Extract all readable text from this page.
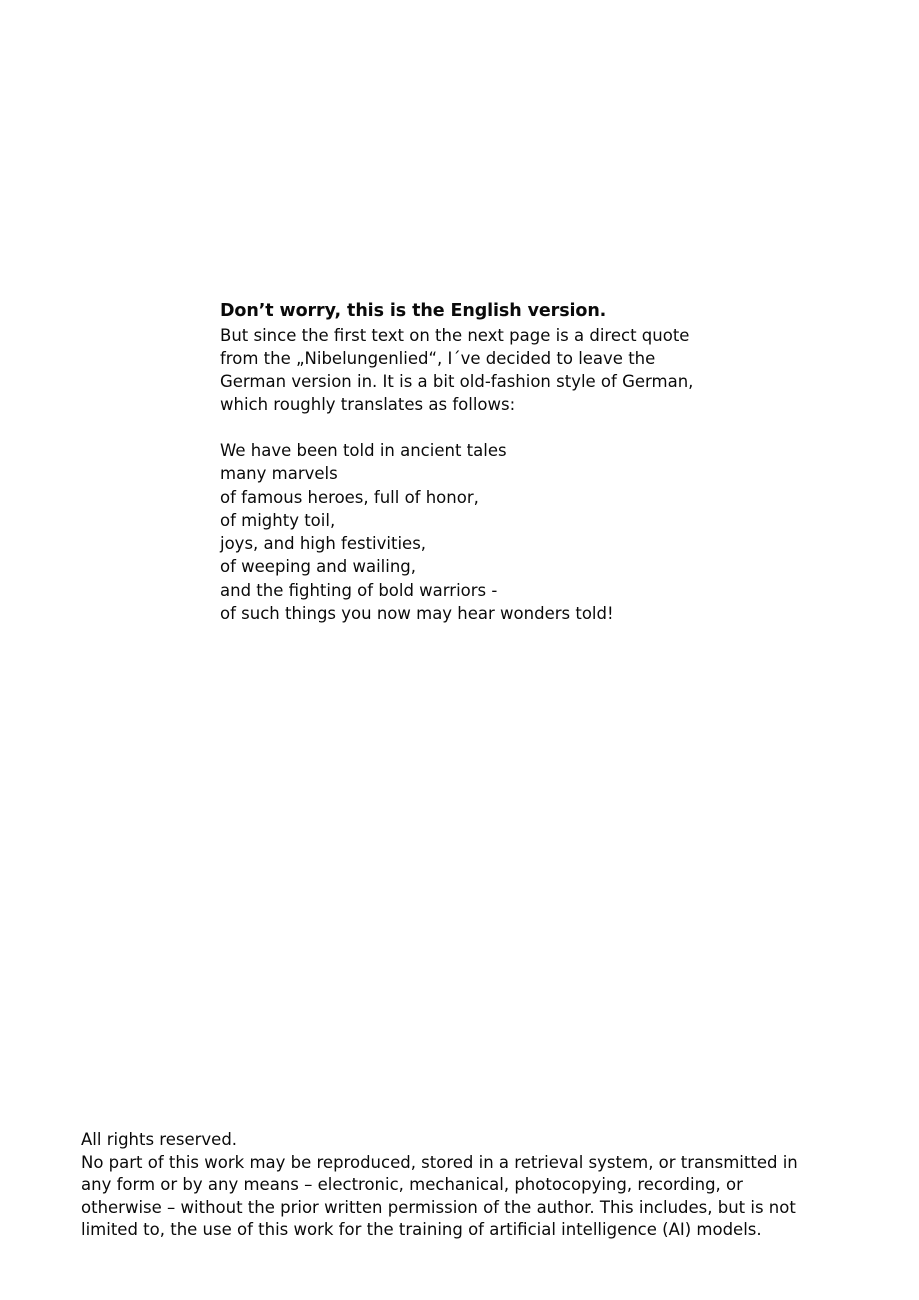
Don’t worry, this is the English version.

But since the first text on the next page is a direct quote
from the „Nibelungenlied“, I´ve decided to leave the
German version in. It is a bit old-fashion style of German,
which roughly translates as follows:

We have been told in ancient tales
many marvels
of famous heroes, full of honor,
of mighty toil,
joys, and high festivities,
of weeping and wailing,
and the fighting of bold warriors -
of such things you now may hear wonders told!

All rights reserved.

No part of this work may be reproduced, stored in a retrieval system, or transmitted in
any form or by any means – electronic, mechanical, photocopying, recording, or
otherwise – without the prior written permission of the author. This includes, but is not
limited to, the use of this work for the training of artificial intelligence (AI) models.
